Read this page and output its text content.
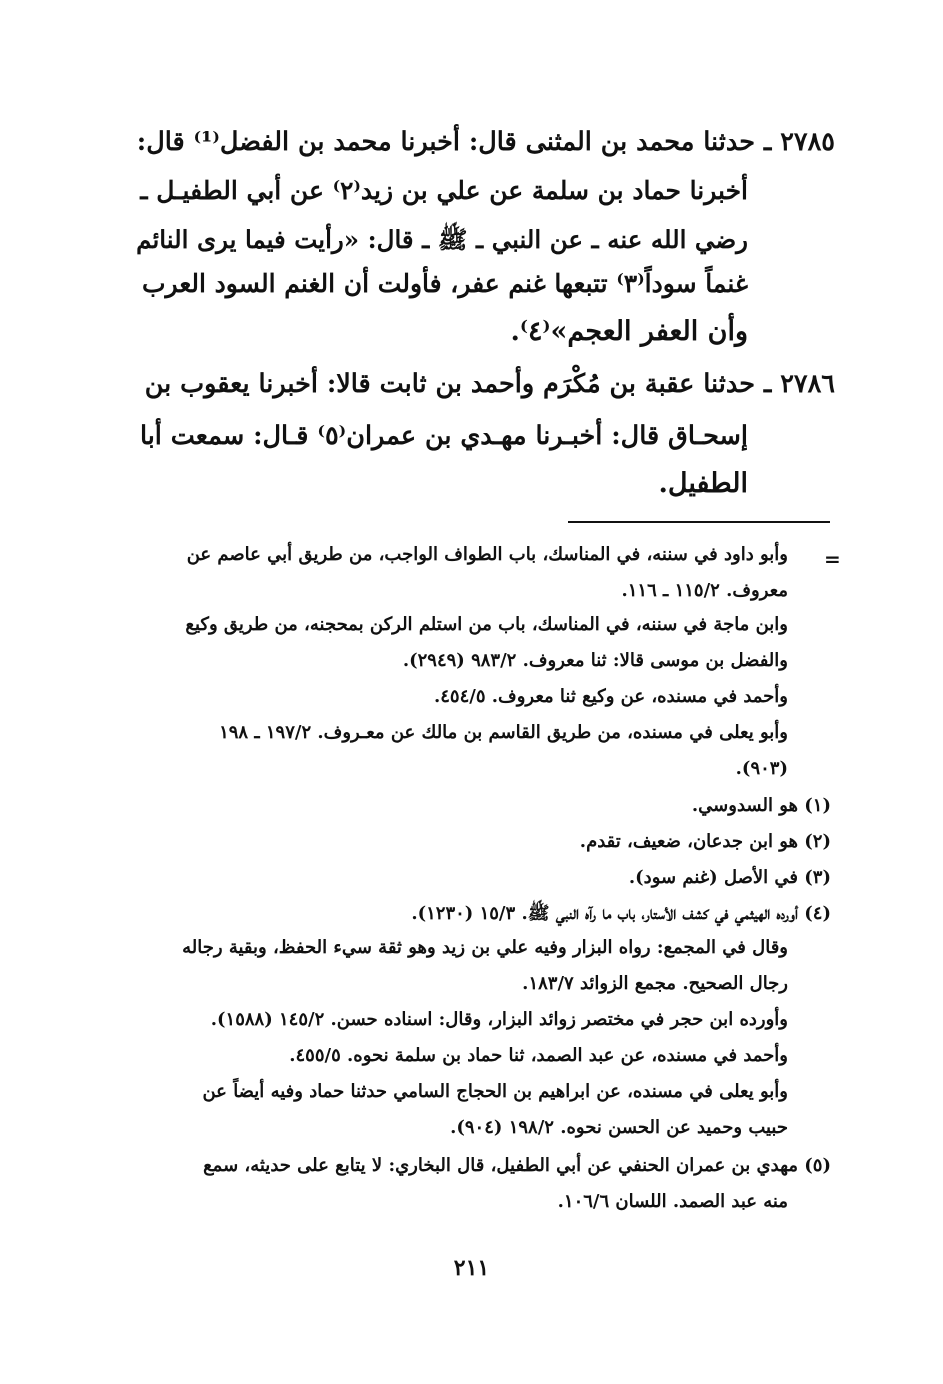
٢٧٨٥ ـ حدثنا محمد بن المثنى قال: أخبرنا محمد بن الفضل⁽¹⁾ قال:
أخبرنا حماد بن سلمة عن علي بن زيد⁽٢⁾ عن أبي الطفيـل ـ
رضي الله عنه ـ عن النبي ـ ﷺ ـ قال: «رأيت فيما يرى النائم
غنماً سوداً⁽٣⁾ تتبعها غنم عفر، فأولت أن الغنم السود العرب
وأن العفر العجم»⁽٤⁾.
٢٧٨٦ ـ حدثنا عقبة بن مُكْرَم وأحمد بن ثابت قالا: أخبرنا يعقوب بن
إسحـاق قال: أخبـرنا مهـدي بن عمران⁽٥⁾ قـال: سمعت أبا
الطفيل.
=
وأبو داود في سننه، في المناسك، باب الطواف الواجب، من طريق أبي عاصم عن
معروف. ١١٥/٢ ـ ١١٦.
وابن ماجة في سننه، في المناسك، باب من استلم الركن بمحجنه، من طريق وكيع
والفضل بن موسى قالا: ثنا معروف. ٩٨٣/٢ (٢٩٤٩).
وأحمد في مسنده، عن وكيع ثنا معروف. ٤٥٤/٥.
وأبو يعلى في مسنده، من طريق القاسم بن مالك عن معـروف. ١٩٧/٢ ـ ١٩٨
(٩٠٣).
(١) هو السدوسي.
(٢) هو ابن جدعان، ضعيف، تقدم.
(٣) في الأصل (غنم سود).
(٤) أورده الهيثمي في كشف الأستار، باب ما رآه النبي ﷺ. ١٥/٣ (١٢٣٠).
وقال في المجمع: رواه البزار وفيه علي بن زيد وهو ثقة سيء الحفظ، وبقية رجاله
رجال الصحيح. مجمع الزوائد ١٨٣/٧.
وأورده ابن حجر في مختصر زوائد البزار، وقال: اسناده حسن. ١٤٥/٢ (١٥٨٨).
وأحمد في مسنده، عن عبد الصمد، ثنا حماد بن سلمة نحوه. ٤٥٥/٥.
وأبو يعلى في مسنده، عن ابراهيم بن الحجاج السامي حدثنا حماد وفيه أيضاً عن
حبيب وحميد عن الحسن نحوه. ١٩٨/٢ (٩٠٤).
(٥) مهدي بن عمران الحنفي عن أبي الطفيل، قال البخاري: لا يتابع على حديثه، سمع
منه عبد الصمد. اللسان ١٠٦/٦.
٢١١
